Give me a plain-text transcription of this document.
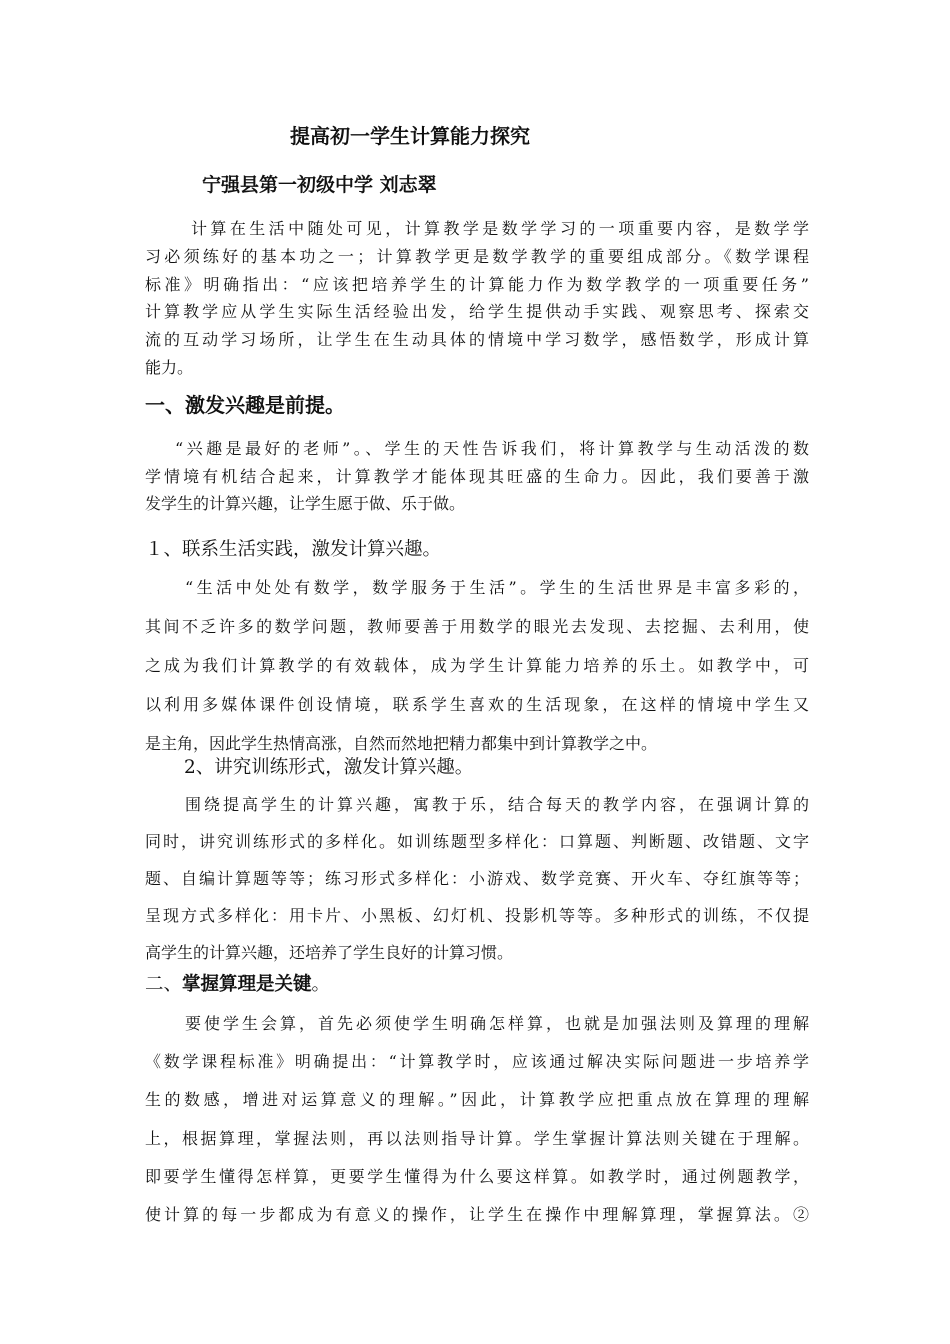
提高初一学生计算能力探究
宁强县第一初级中学 刘志翠
计算在生活中随处可见，计算教学是数学学习的一项重要内容，是数学学
习必须练好的基本功之一；计算教学更是数学教学的重要组成部分。《数学课程
标准》明确指出：“应该把培养学生的计算能力作为数学教学的一项重要任务”
计算教学应从学生实际生活经验出发，给学生提供动手实践、观察思考、探索交
流的互动学习场所，让学生在生动具体的情境中学习数学，感悟数学，形成计算
能力。
一、激发兴趣是前提。
“兴趣是最好的老师”。、学生的天性告诉我们，将计算教学与生动活泼的数
学情境有机结合起来，计算教学才能体现其旺盛的生命力。因此，我们要善于激
发学生的计算兴趣，让学生愿于做、乐于做。
１、联系生活实践，激发计算兴趣。
“生活中处处有数学，数学服务于生活”。学生的生活世界是丰富多彩的，
其间不乏许多的数学问题，教师要善于用数学的眼光去发现、去挖掘、去利用，使
之成为我们计算教学的有效载体，成为学生计算能力培养的乐土。如教学中，可
以利用多媒体课件创设情境，联系学生喜欢的生活现象，在这样的情境中学生又
是主角，因此学生热情高涨，自然而然地把精力都集中到计算教学之中。
2、讲究训练形式，激发计算兴趣。
围绕提高学生的计算兴趣，寓教于乐，结合每天的教学内容，在强调计算的
同时，讲究训练形式的多样化。如训练题型多样化：口算题、判断题、改错题、文字
题、自编计算题等等；练习形式多样化：小游戏、数学竞赛、开火车、夺红旗等等；
呈现方式多样化：用卡片、小黑板、幻灯机、投影机等等。多种形式的训练，不仅提
高学生的计算兴趣，还培养了学生良好的计算习惯。
二、掌握算理是关键。
要使学生会算，首先必须使学生明确怎样算，也就是加强法则及算理的理解
《数学课程标准》明确提出：“计算教学时，应该通过解决实际问题进一步培养学
生的数感，增进对运算意义的理解。”因此，计算教学应把重点放在算理的理解
上，根据算理，掌握法则，再以法则指导计算。学生掌握计算法则关键在于理解。
即要学生懂得怎样算，更要学生懂得为什么要这样算。如教学时，通过例题教学，
使计算的每一步都成为有意义的操作，让学生在操作中理解算理，掌握算法。②
